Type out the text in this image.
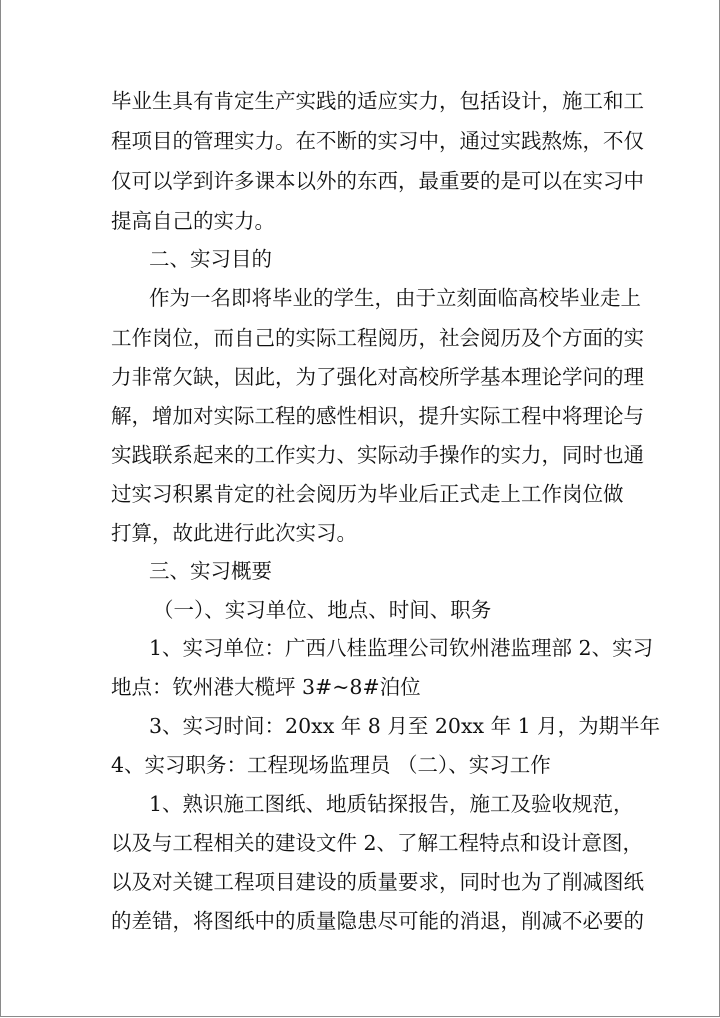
毕业生具有肯定生产实践的适应实力，包括设计，施工和工
程项目的管理实力。在不断的实习中，通过实践熬炼，不仅
仅可以学到许多课本以外的东西，最重要的是可以在实习中
提高自己的实力。
二、实习目的
作为一名即将毕业的学生，由于立刻面临高校毕业走上
工作岗位，而自己的实际工程阅历，社会阅历及个方面的实
力非常欠缺，因此，为了强化对高校所学基本理论学问的理
解，增加对实际工程的感性相识，提升实际工程中将理论与
实践联系起来的工作实力、实际动手操作的实力，同时也通
过实习积累肯定的社会阅历为毕业后正式走上工作岗位做
打算，故此进行此次实习。
三、实习概要
（一）、实习单位、地点、时间、职务
1、实习单位：广西八桂监理公司钦州港监理部 2、实习
地点：钦州港大榄坪 3#~8#泊位
3、实习时间：20xx 年 8 月至 20xx 年 1 月，为期半年
4、实习职务：工程现场监理员 （二）、实习工作
1、熟识施工图纸、地质钻探报告，施工及验收规范，
以及与工程相关的建设文件 2、了解工程特点和设计意图，
以及对关键工程项目建设的质量要求，同时也为了削减图纸
的差错，将图纸中的质量隐患尽可能的消退，削减不必要的
